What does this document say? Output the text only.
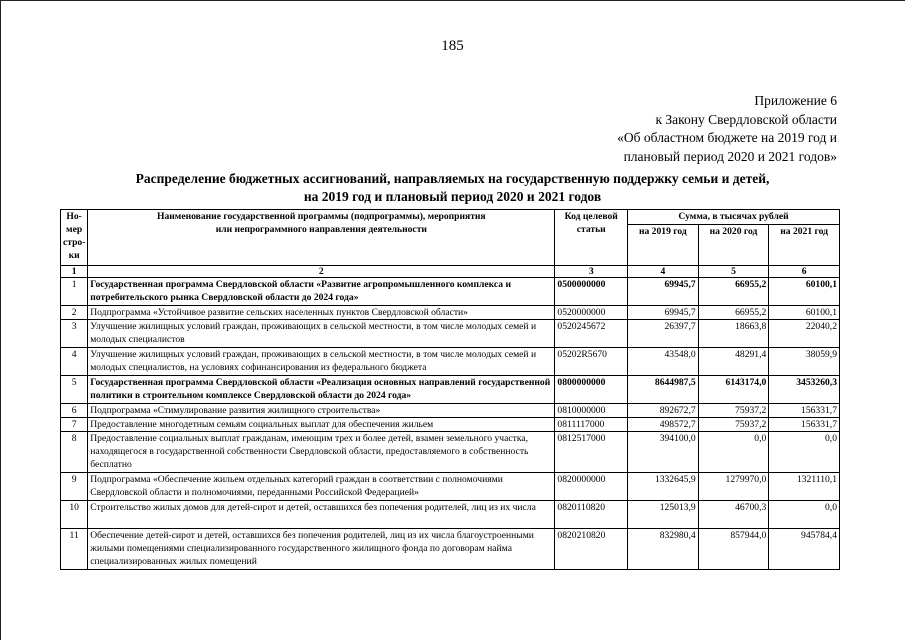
185
Приложение 6
к Закону Свердловской области
«Об областном бюджете на 2019 год и
плановый период 2020 и 2021 годов»
Распределение бюджетных ассигнований, направляемых на государственную поддержку семьи и детей,
на 2019 год и плановый период 2020 и 2021 годов
Но-
мер
стро-
ки	Наименование государственной программы (подпрограммы), мероприятия или непрограммного направления деятельности	Код целевой статьи	Сумма, в тысячах рублей		
			на 2019 год	на 2020 год	на 2021 год
1	2	3	4	5	6
1	Государственная программа Свердловской области «Развитие агропромышленного комплекса и потребительского рынка Свердловской области до 2024 года»	0500000000	69945,7	66955,2	60100,1
2	Подпрограмма «Устойчивое развитие сельских населенных пунктов Свердловской области»	0520000000	69945,7	66955,2	60100,1
3	Улучшение жилищных условий граждан, проживающих в сельской местности, в том числе молодых семей и молодых специалистов	0520245672	26397,7	18663,8	22040,2
4	Улучшение жилищных условий граждан, проживающих в сельской местности, в том числе молодых семей и молодых специалистов, на условиях софинансирования из федерального бюджета	05202R5670	43548,0	48291,4	38059,9
5	Государственная программа Свердловской области «Реализация основных направлений государственной политики в строительном комплексе Свердловской области до 2024 года»	0800000000	8644987,5	6143174,0	3453260,3
6	Подпрограмма «Стимулирование развития жилищного строительства»	0810000000	892672,7	75937,2	156331,7
7	Предоставление многодетным семьям социальных выплат для обеспечения жильем	0811117000	498572,7	75937,2	156331,7
8	Предоставление социальных выплат гражданам, имеющим трех и более детей, взамен земельного участка, находящегося в государственной собственности Свердловской области, предоставляемого в собственность бесплатно	0812517000	394100,0	0,0	0,0
9	Подпрограмма «Обеспечение жильем отдельных категорий граждан в соответствии с полномочиями Свердловской области и полномочиями, переданными Российской Федерацией»	0820000000	1332645,9	1279970,0	1321110,1
10	Строительство жилых домов для детей-сирот и детей, оставшихся без попечения родителей, лиц из их числа	0820110820	125013,9	46700,3	0,0
11	Обеспечение детей-сирот и детей, оставшихся без попечения родителей, лиц из их числа благоустроенными жилыми помещениями специализированного государственного жилищного фонда по договорам найма специализированных жилых помещений	0820210820	832980,4	857944,0	945784,4
